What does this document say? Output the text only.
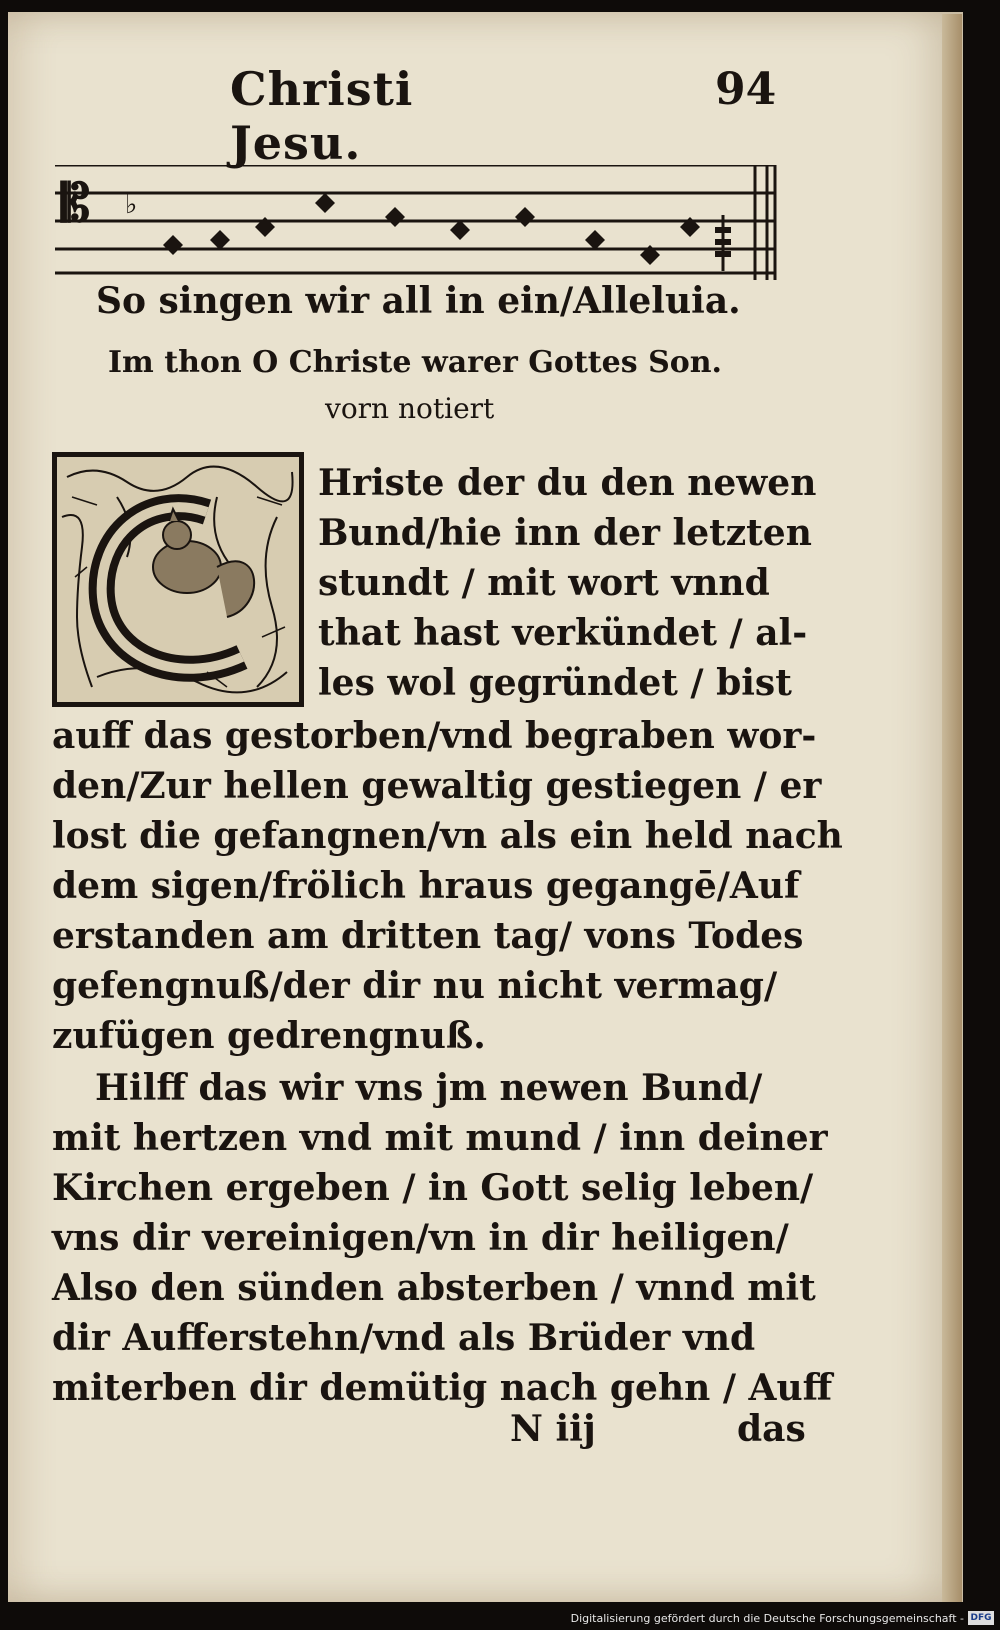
Christi Jesu.
94
𝄡 ♭
So singen wir all in ein/Alleluia.
Im thon O Christe warer Gottes Son.
vorn notiert
Hriste der du den newen
Bund/hie inn der letzten
stundt / mit wort vnnd
that hast verkündet / al-
les wol gegründet / bist
auff das gestorben/vnd begraben wor-
den/Zur hellen gewaltig gestiegen / er
lost die gefangnen/vn als ein held nach
dem sigen/frölich hraus gegangē/Auf
erstanden am dritten tag/ vons Todes
gefengnuß/der dir nu nicht vermag/
zufügen gedrengnuß.
Hilff das wir vns jm newen Bund/
mit hertzen vnd mit mund / inn deiner
Kirchen ergeben / in Gott selig leben/
vns dir vereinigen/vn in dir heiligen/
Also den sünden absterben / vnnd mit
dir Aufferstehn/vnd als Brüder vnd
miterben dir demütig nach gehn / Auff
N iij	das
Digitalisierung gefördert durch die Deutsche Forschungsgemeinschaft - DFG
